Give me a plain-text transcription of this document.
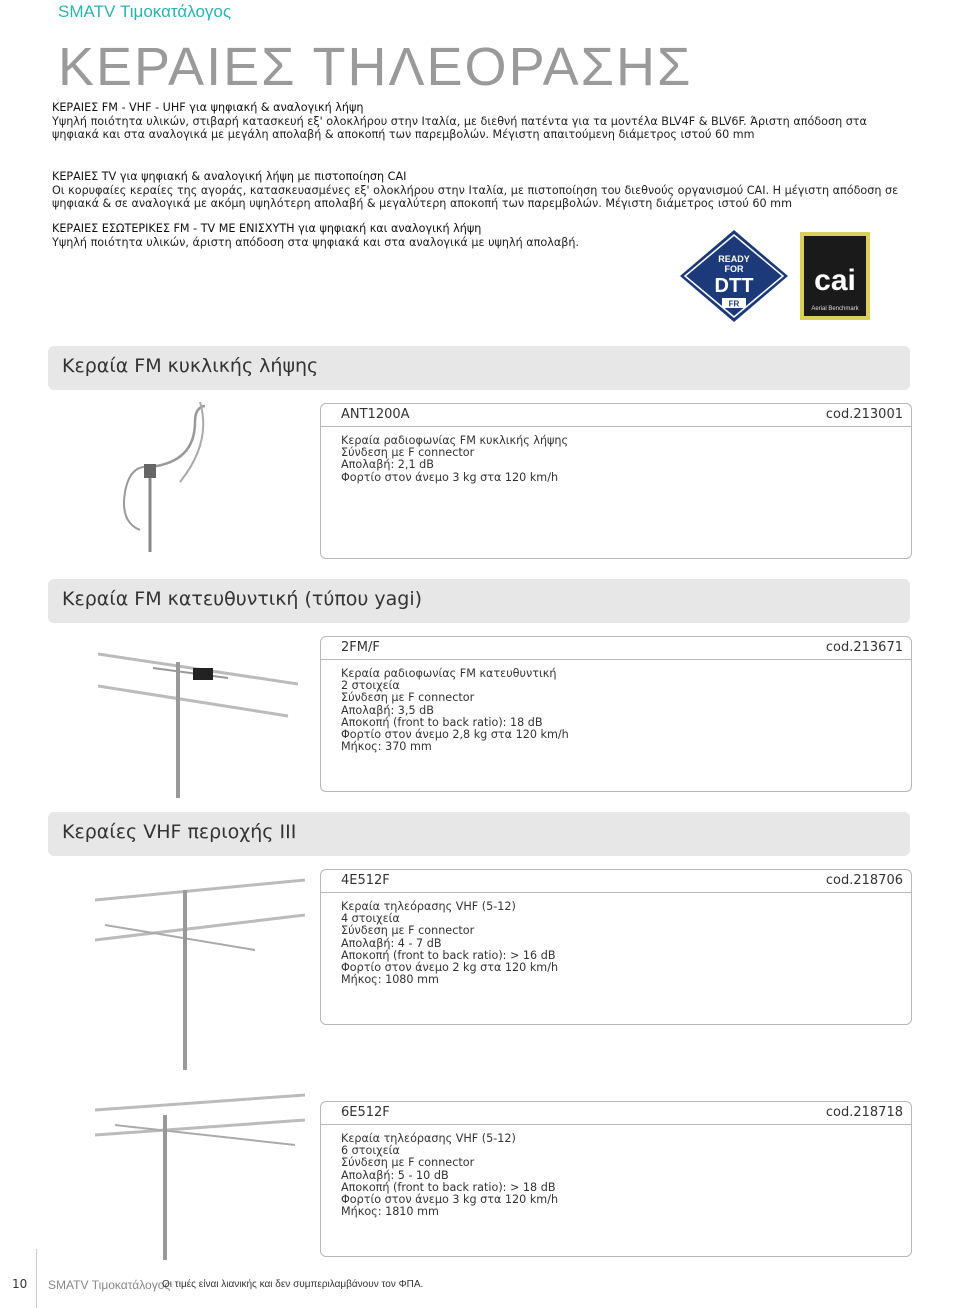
SMATV Τιμοκατάλογος
ΚΕΡΑΙΕΣ ΤΗΛΕΟΡΑΣΗΣ
ΚΕΡΑΙΕΣ FM - VHF - UHF για ψηφιακή & αναλογική λήψη
Υψηλή ποιότητα υλικών, στιβαρή κατασκευή εξ' ολοκλήρου στην Ιταλία, με διεθνή πατέντα για τα μοντέλα BLV4F & BLV6F. Άριστη απόδοση στα ψηφιακά και στα αναλογικά με μεγάλη απολαβή & αποκοπή των παρεμβολών. Μέγιστη απαιτούμενη διάμετρος ιστού 60 mm
ΚΕΡΑΙΕΣ TV για ψηφιακή & αναλογική λήψη με πιστοποίηση CAI
Οι κορυφαίες κεραίες της αγοράς, κατασκευασμένες εξ' ολοκλήρου στην Ιταλία, με πιστοποίηση του διεθνούς οργανισμού CAI. Η μέγιστη απόδοση σε ψηφιακά & σε αναλογικά με ακόμη υψηλότερη απολαβή & μεγαλύτερη αποκοπή των παρεμβολών. Μέγιστη διάμετρος ιστού 60 mm
ΚΕΡΑΙΕΣ ΕΣΩΤΕΡΙΚΕΣ FM - TV ΜΕ ΕΝΙΣΧΥΤΗ για ψηφιακή και αναλογική λήψη
Υψηλή ποιότητα υλικών, άριστη απόδοση στα ψηφιακά και στα αναλογικά με υψηλή απολαβή.
READY
FOR
DTT
FR
cai
Aerial Benchmark
Κεραία FM κυκλικής λήψης
ANT1200A	cod.213001
Κεραία ραδιοφωνίας FM κυκλικής λήψης
Σύνδεση με F connector
Απολαβή: 2,1 dB
Φορτίο στον άνεμο 3 kg στα 120 km/h
Κεραία FM κατευθυντική (τύπου yagi)
2FM/F	cod.213671
Κεραία ραδιοφωνίας FM κατευθυντική
2 στοιχεία
Σύνδεση με F connector
Απολαβή: 3,5 dB
Αποκοπή (front to back ratio): 18 dB
Φορτίο στον άνεμο 2,8 kg στα 120 km/h
Μήκος: 370 mm
Κεραίες VHF περιοχής ΙΙΙ
4E512F	cod.218706
Κεραία τηλεόρασης VHF (5-12)
4 στοιχεία
Σύνδεση με F connector
Απολαβή: 4 - 7 dB
Αποκοπή (front to back ratio): > 16 dB
Φορτίο στον άνεμο 2 kg στα 120 km/h
Μήκος: 1080 mm
6E512F	cod.218718
Κεραία τηλεόρασης VHF (5-12)
6 στοιχεία
Σύνδεση με F connector
Απολαβή: 5 - 10 dB
Αποκοπή (front to back ratio): > 18 dB
Φορτίο στον άνεμο 3 kg στα 120 km/h
Μήκος: 1810 mm
10 SMATV Τιμοκατάλογος
Οι τιμές είναι λιανικής και δεν συμπεριλαμβάνουν τον ΦΠΑ.
